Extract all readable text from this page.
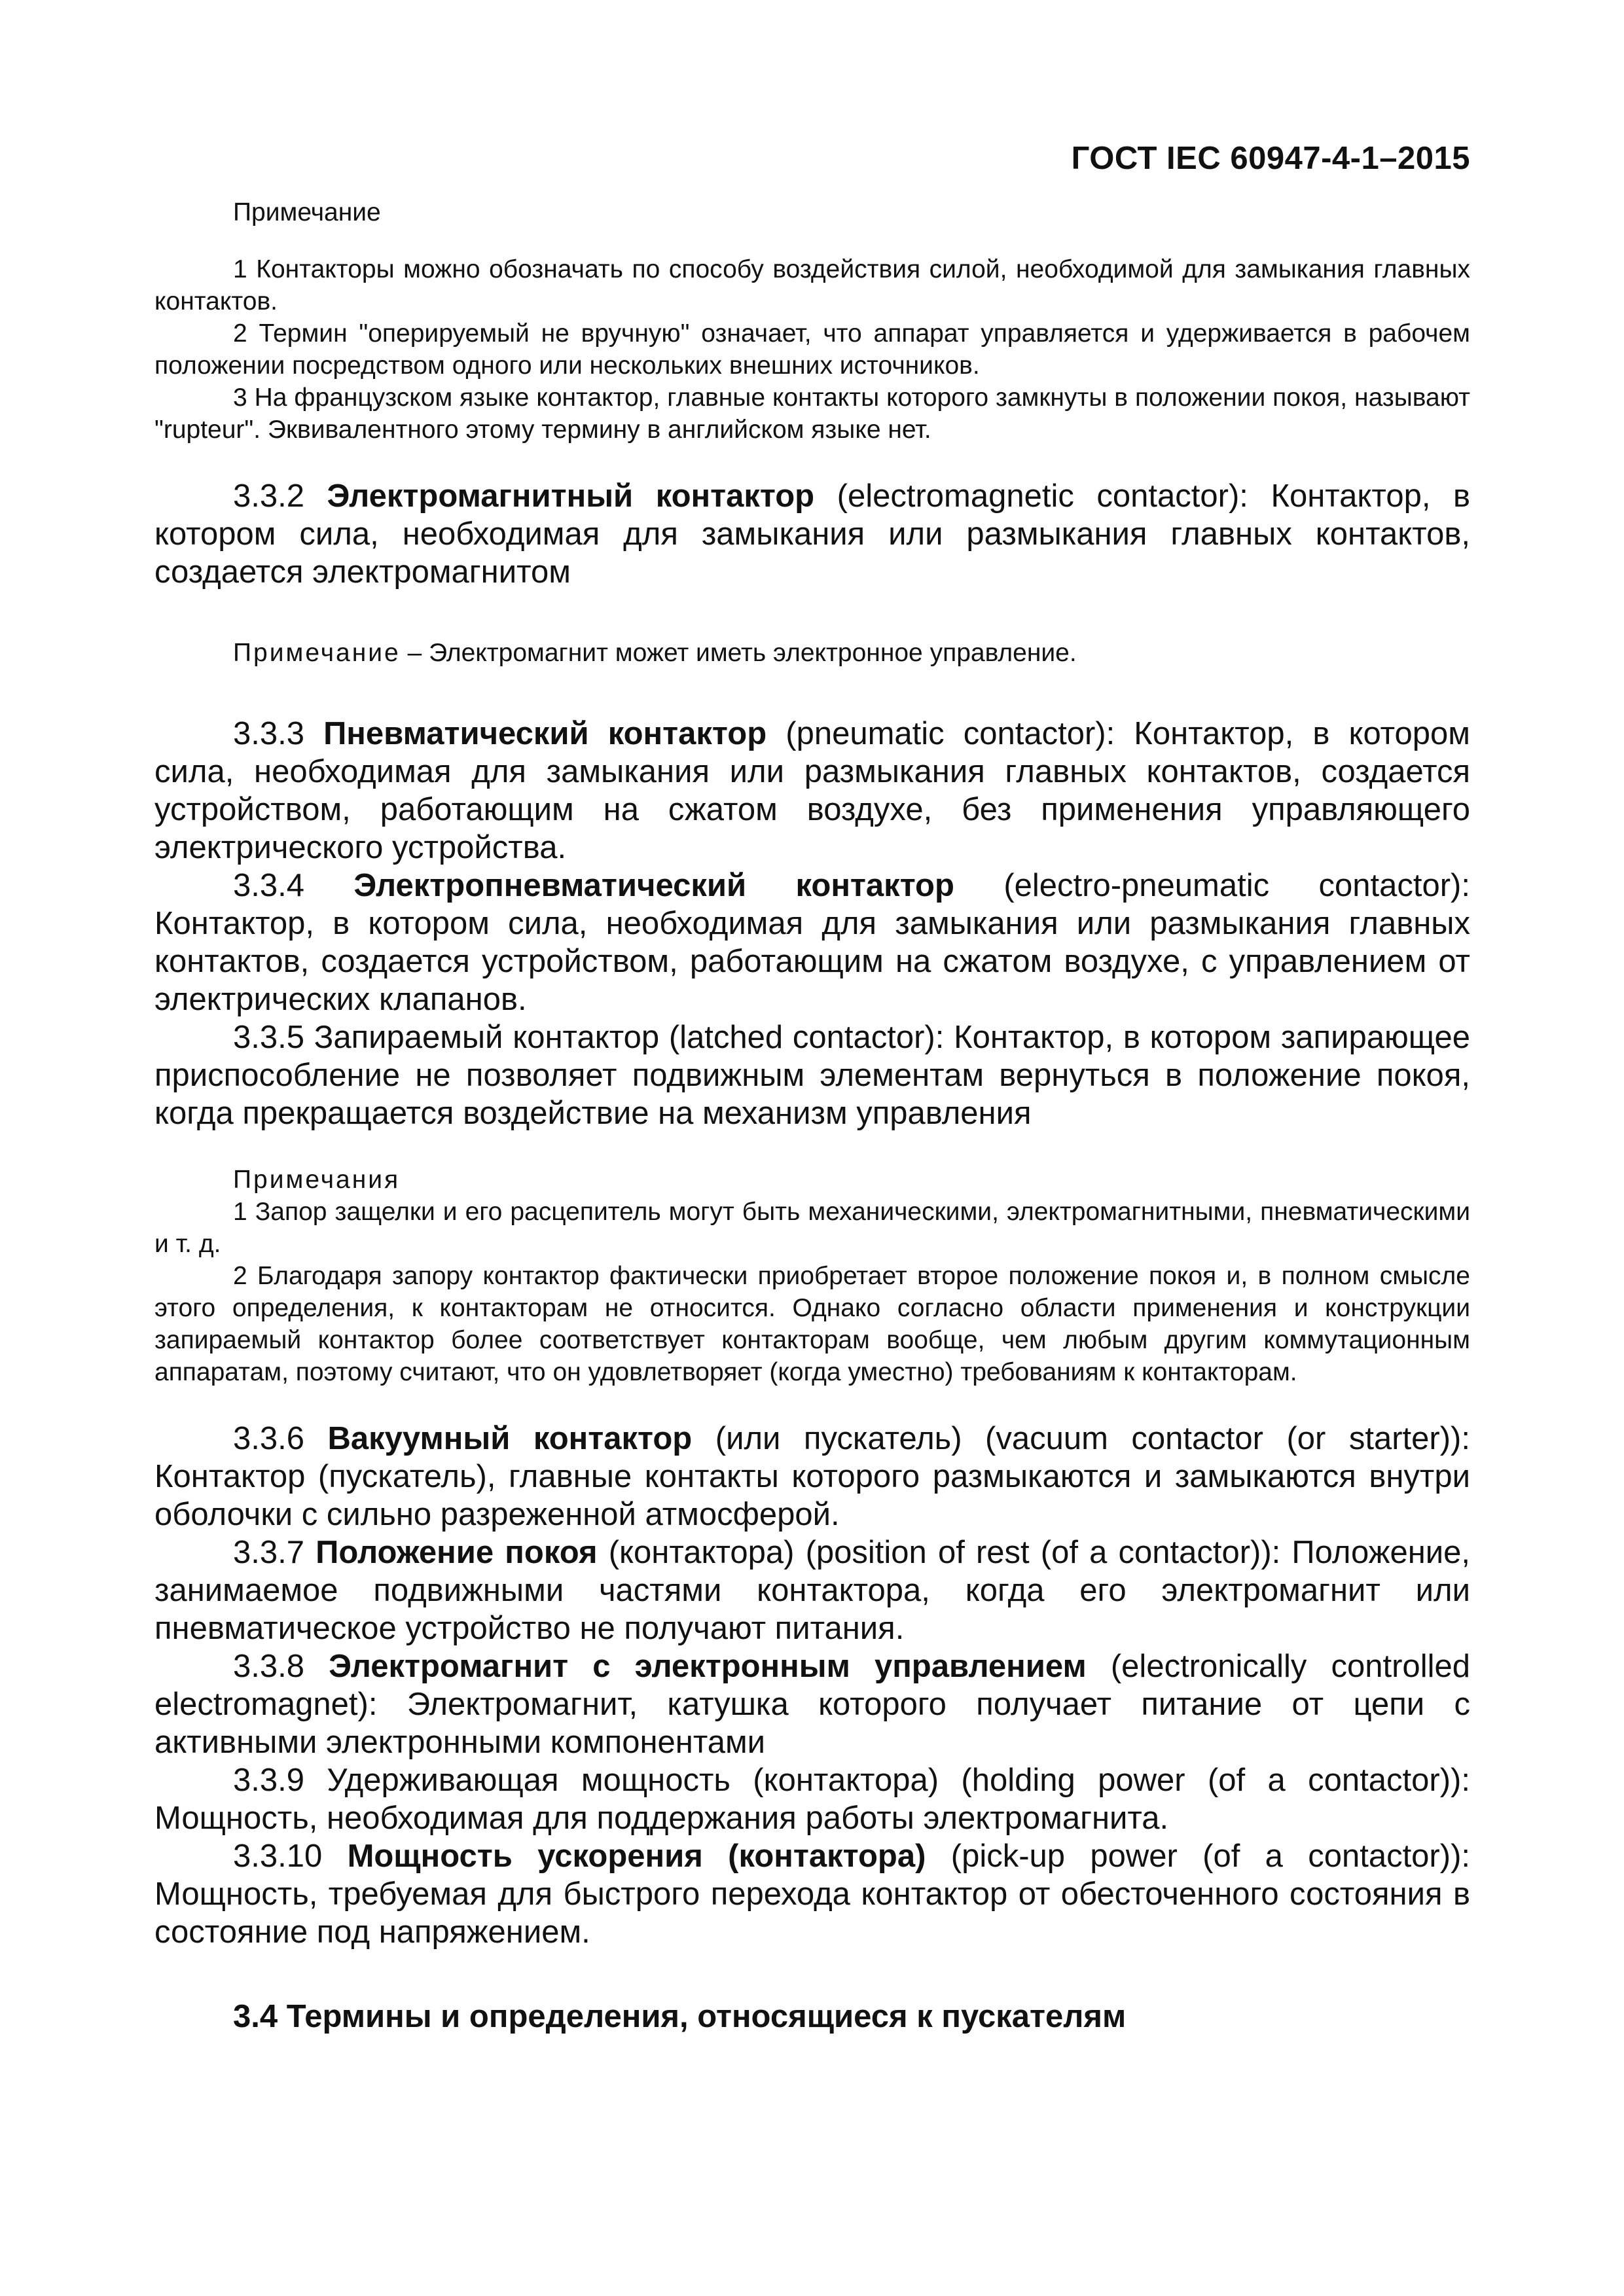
ГОСТ IEC 60947-4-1–2015

Примечание

1 Контакторы можно обозначать по способу воздействия силой, необходимой для замыкания главных контактов.

2 Термин "оперируемый не вручную" означает, что аппарат управляется и удерживается в рабочем положении посредством одного или нескольких внешних источников.

3 На французском языке контактор, главные контакты которого замкнуты в положении покоя, называют "rupteur". Эквивалентного этому термину в английском языке нет.

3.3.2 Электромагнитный контактор (electromagnetic contactor): Контактор, в котором сила, необходимая для замыкания или размыкания главных контактов, создается электромагнитом

Примечание – Электромагнит может иметь электронное управление.

3.3.3 Пневматический контактор (pneumatic contactor): Контактор, в котором сила, необходимая для замыкания или размыкания главных контактов, создается устройством, работающим на сжатом воздухе, без применения управляющего электрического устройства.

3.3.4 Электропневматический контактор (electro-pneumatic contactor): Контактор, в котором сила, необходимая для замыкания или размыкания главных контактов, создается устройством, работающим на сжатом воздухе, с управлением от электрических клапанов.

3.3.5 Запираемый контактор (latched contactor): Контактор, в котором запирающее приспособление не позволяет подвижным элементам вернуться в положение покоя, когда прекращается воздействие на механизм управления

Примечания

1 Запор защелки и его расцепитель могут быть механическими, электромагнитными, пневматическими и т. д.

2 Благодаря запору контактор фактически приобретает второе положение покоя и, в полном смысле этого определения, к контакторам не относится. Однако согласно области применения и конструкции запираемый контактор более соответствует контакторам вообще, чем любым другим коммутационным аппаратам, поэтому считают, что он удовлетворяет (когда уместно) требованиям к контакторам.

3.3.6 Вакуумный контактор (или пускатель) (vacuum contactor (or starter)): Контактор (пускатель), главные контакты которого размыкаются и замыкаются внутри оболочки с сильно разреженной атмосферой.

3.3.7 Положение покоя (контактора) (position of rest (of a contactor)): Положение, занимаемое подвижными частями контактора, когда его электромагнит или пневматическое устройство не получают питания.

3.3.8 Электромагнит с электронным управлением (electronically controlled electromagnet): Электромагнит, катушка которого получает питание от цепи с активными электронными компонентами

3.3.9 Удерживающая мощность (контактора) (holding power (of a contactor)): Мощность, необходимая для поддержания работы электромагнита.

3.3.10 Мощность ускорения (контактора) (pick-up power (of a contactor)): Мощность, требуемая для быстрого перехода контактор от обесточенного состояния в состояние под напряжением.

3.4 Термины и определения, относящиеся к пускателям
